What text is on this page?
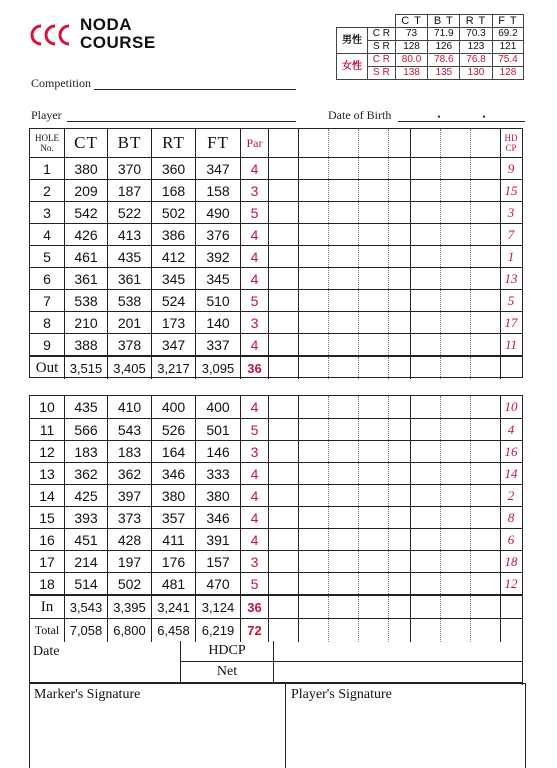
NODA
COURSE
		C T	B T	R T	F T
男性	C R	73	71.9	70.3	69.2
	S R	128	126	123	121
女性	C R	80.0	78.6	76.8	75.4
	S R	138	135	130	128
Competition
Player	Date of Birth	・	・
HOLE
No.	CT	BT	RT	FT	Par	HD
CP
1	380	370	360	347	4	9
2	209	187	168	158	3	15
3	542	522	502	490	5	3
4	426	413	386	376	4	7
5	461	435	412	392	4	1
6	361	361	345	345	4	13
7	538	538	524	510	5	5
8	210	201	173	140	3	17
9	388	378	347	337	4	11
Out 3,515 3,405 3,217 3,095	36
10	435	410	400	400	4	10
11	566	543	526	501	5	4
12	183	183	164	146	3	16
13	362	362	346	333	4	14
14	425	397	380	380	4	2
15	393	373	357	346	4	8
16	451	428	411	391	4	6
17	214	197	176	157	3	18
18	514	502	481	470	5	12
In	3,543 3,395 3,241 3,124	36
Total 7,058 6,800 6,458 6,219	72
Date	HDCP
Net
Marker's Signature	Player's Signature
